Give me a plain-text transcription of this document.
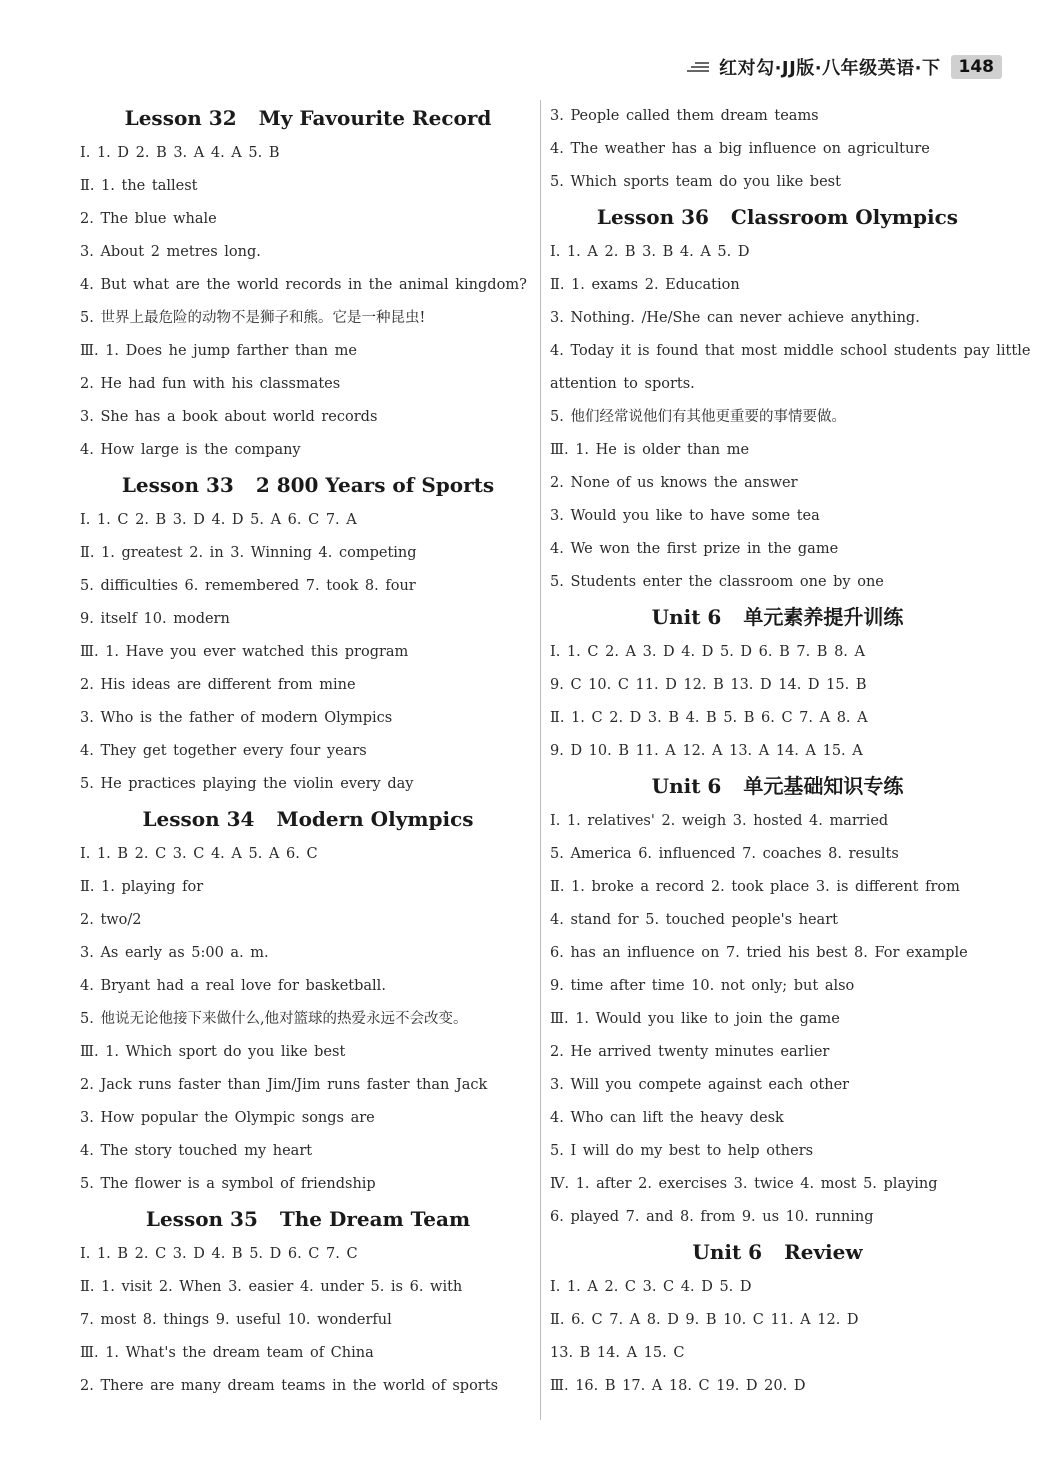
红对勾·JJ版·八年级英语·下	148
Lesson 32 My Favourite Record
Ⅰ. 1. D 2. B 3. A 4. A 5. B
Ⅱ. 1. the tallest
2. The blue whale
3. About 2 metres long.
4. But what are the world records in the animal kingdom?
5. 世界上最危险的动物不是狮子和熊。它是一种昆虫!
Ⅲ. 1. Does he jump farther than me
2. He had fun with his classmates
3. She has a book about world records
4. How large is the company
Lesson 33 2 800 Years of Sports
Ⅰ. 1. C 2. B 3. D 4. D 5. A 6. C 7. A
Ⅱ. 1. greatest 2. in 3. Winning 4. competing
5. difficulties 6. remembered 7. took 8. four
9. itself 10. modern
Ⅲ. 1. Have you ever watched this program
2. His ideas are different from mine
3. Who is the father of modern Olympics
4. They get together every four years
5. He practices playing the violin every day
Lesson 34 Modern Olympics
Ⅰ. 1. B 2. C 3. C 4. A 5. A 6. C
Ⅱ. 1. playing for
2. two/2
3. As early as 5:00 a. m.
4. Bryant had a real love for basketball.
5. 他说无论他接下来做什么,他对篮球的热爱永远不会改变。
Ⅲ. 1. Which sport do you like best
2. Jack runs faster than Jim/Jim runs faster than Jack
3. How popular the Olympic songs are
4. The story touched my heart
5. The flower is a symbol of friendship
Lesson 35 The Dream Team
Ⅰ. 1. B 2. C 3. D 4. B 5. D 6. C 7. C
Ⅱ. 1. visit 2. When 3. easier 4. under 5. is 6. with
7. most 8. things 9. useful 10. wonderful
Ⅲ. 1. What's the dream team of China
2. There are many dream teams in the world of sports
3. People called them dream teams
4. The weather has a big influence on agriculture
5. Which sports team do you like best
Lesson 36 Classroom Olympics
Ⅰ. 1. A 2. B 3. B 4. A 5. D
Ⅱ. 1. exams 2. Education
3. Nothing. /He/She can never achieve anything.
4. Today it is found that most middle school students pay little
attention to sports.
5. 他们经常说他们有其他更重要的事情要做。
Ⅲ. 1. He is older than me
2. None of us knows the answer
3. Would you like to have some tea
4. We won the first prize in the game
5. Students enter the classroom one by one
Unit 6 单元素养提升训练
Ⅰ. 1. C 2. A 3. D 4. D 5. D 6. B 7. B 8. A
9. C 10. C 11. D 12. B 13. D 14. D 15. B
Ⅱ. 1. C 2. D 3. B 4. B 5. B 6. C 7. A 8. A
9. D 10. B 11. A 12. A 13. A 14. A 15. A
Unit 6 单元基础知识专练
Ⅰ. 1. relatives' 2. weigh 3. hosted 4. married
5. America 6. influenced 7. coaches 8. results
Ⅱ. 1. broke a record 2. took place 3. is different from
4. stand for 5. touched people's heart
6. has an influence on 7. tried his best 8. For example
9. time after time 10. not only; but also
Ⅲ. 1. Would you like to join the game
2. He arrived twenty minutes earlier
3. Will you compete against each other
4. Who can lift the heavy desk
5. I will do my best to help others
Ⅳ. 1. after 2. exercises 3. twice 4. most 5. playing
6. played 7. and 8. from 9. us 10. running
Unit 6 Review
Ⅰ. 1. A 2. C 3. C 4. D 5. D
Ⅱ. 6. C 7. A 8. D 9. B 10. C 11. A 12. D
13. B 14. A 15. C
Ⅲ. 16. B 17. A 18. C 19. D 20. D
